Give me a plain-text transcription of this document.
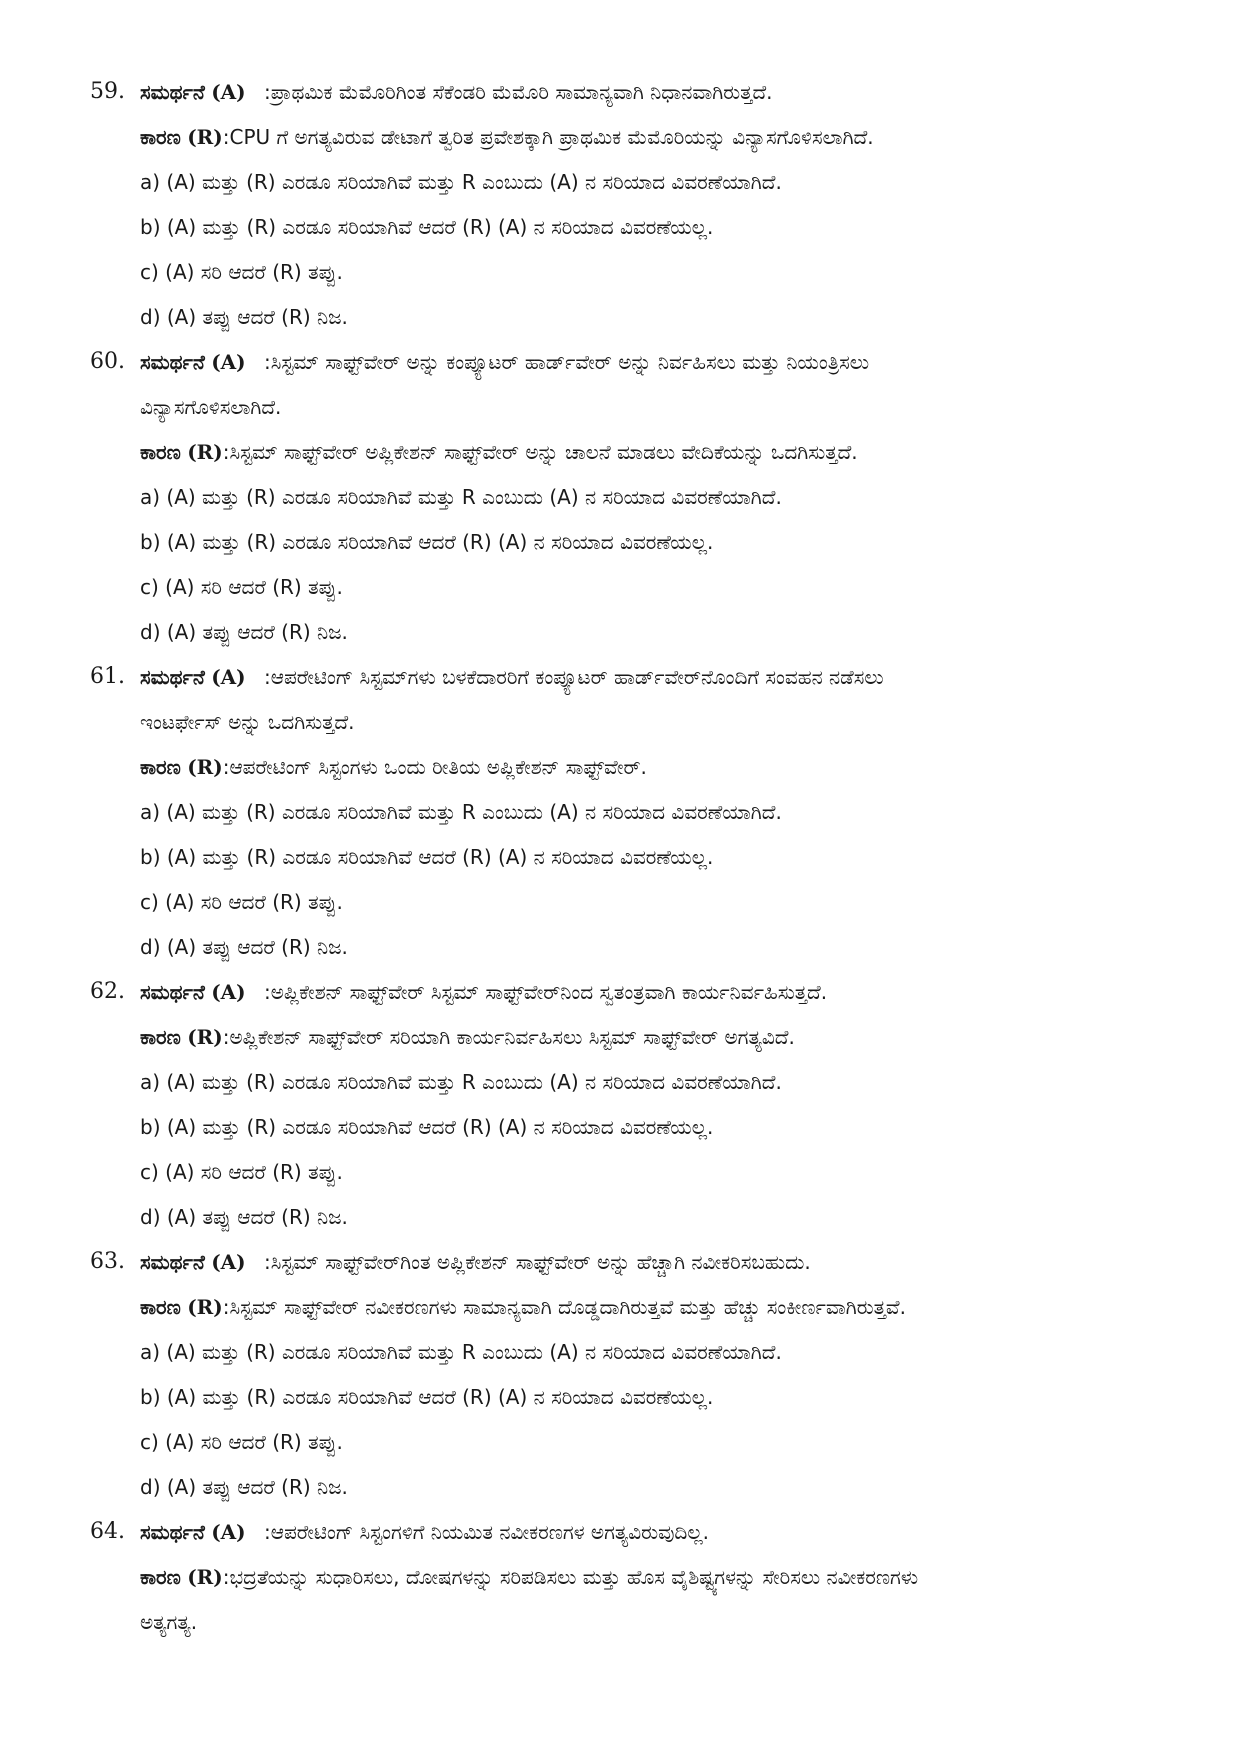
59. ಸಮರ್ಥನೆ (A) :ಪ್ರಾಥಮಿಕ ಮೆಮೊರಿಗಿಂತ ಸೆಕೆಂಡರಿ ಮೆಮೊರಿ ಸಾಮಾನ್ಯವಾಗಿ ನಿಧಾನವಾಗಿರುತ್ತದೆ.
ಕಾರಣ (R):CPU ಗೆ ಅಗತ್ಯವಿರುವ ಡೇಟಾಗೆ ತ್ವರಿತ ಪ್ರವೇಶಕ್ಕಾಗಿ ಪ್ರಾಥಮಿಕ ಮೆಮೊರಿಯನ್ನು ವಿನ್ಯಾಸಗೊಳಿಸಲಾಗಿದೆ.
a) (A) ಮತ್ತು (R) ಎರಡೂ ಸರಿಯಾಗಿವೆ ಮತ್ತು R ಎಂಬುದು (A) ನ ಸರಿಯಾದ ವಿವರಣೆಯಾಗಿದೆ.
b) (A) ಮತ್ತು (R) ಎರಡೂ ಸರಿಯಾಗಿವೆ ಆದರೆ (R) (A) ನ ಸರಿಯಾದ ವಿವರಣೆಯಲ್ಲ.
c) (A) ಸರಿ ಆದರೆ (R) ತಪ್ಪು.
d) (A) ತಪ್ಪು ಆದರೆ (R) ನಿಜ.
60. ಸಮರ್ಥನೆ (A) :ಸಿಸ್ಟಮ್ ಸಾಫ್ಟ್‌ವೇರ್ ಅನ್ನು ಕಂಪ್ಯೂಟರ್ ಹಾರ್ಡ್‌ವೇರ್ ಅನ್ನು ನಿರ್ವಹಿಸಲು ಮತ್ತು ನಿಯಂತ್ರಿಸಲು
ವಿನ್ಯಾಸಗೊಳಿಸಲಾಗಿದೆ.
ಕಾರಣ (R):ಸಿಸ್ಟಮ್ ಸಾಫ್ಟ್‌ವೇರ್ ಅಪ್ಲಿಕೇಶನ್ ಸಾಫ್ಟ್‌ವೇರ್ ಅನ್ನು ಚಾಲನೆ ಮಾಡಲು ವೇದಿಕೆಯನ್ನು ಒದಗಿಸುತ್ತದೆ.
a) (A) ಮತ್ತು (R) ಎರಡೂ ಸರಿಯಾಗಿವೆ ಮತ್ತು R ಎಂಬುದು (A) ನ ಸರಿಯಾದ ವಿವರಣೆಯಾಗಿದೆ.
b) (A) ಮತ್ತು (R) ಎರಡೂ ಸರಿಯಾಗಿವೆ ಆದರೆ (R) (A) ನ ಸರಿಯಾದ ವಿವರಣೆಯಲ್ಲ.
c) (A) ಸರಿ ಆದರೆ (R) ತಪ್ಪು.
d) (A) ತಪ್ಪು ಆದರೆ (R) ನಿಜ.
61. ಸಮರ್ಥನೆ (A) :ಆಪರೇಟಿಂಗ್ ಸಿಸ್ಟಮ್‌ಗಳು ಬಳಕೆದಾರರಿಗೆ ಕಂಪ್ಯೂಟರ್ ಹಾರ್ಡ್‌ವೇರ್‌ನೊಂದಿಗೆ ಸಂವಹನ ನಡೆಸಲು
ಇಂಟರ್ಫೇಸ್ ಅನ್ನು ಒದಗಿಸುತ್ತದೆ.
ಕಾರಣ (R):ಆಪರೇಟಿಂಗ್ ಸಿಸ್ಟಂಗಳು ಒಂದು ರೀತಿಯ ಅಪ್ಲಿಕೇಶನ್ ಸಾಫ್ಟ್‌ವೇರ್.
a) (A) ಮತ್ತು (R) ಎರಡೂ ಸರಿಯಾಗಿವೆ ಮತ್ತು R ಎಂಬುದು (A) ನ ಸರಿಯಾದ ವಿವರಣೆಯಾಗಿದೆ.
b) (A) ಮತ್ತು (R) ಎರಡೂ ಸರಿಯಾಗಿವೆ ಆದರೆ (R) (A) ನ ಸರಿಯಾದ ವಿವರಣೆಯಲ್ಲ.
c) (A) ಸರಿ ಆದರೆ (R) ತಪ್ಪು.
d) (A) ತಪ್ಪು ಆದರೆ (R) ನಿಜ.
62. ಸಮರ್ಥನೆ (A) :ಅಪ್ಲಿಕೇಶನ್ ಸಾಫ್ಟ್‌ವೇರ್ ಸಿಸ್ಟಮ್ ಸಾಫ್ಟ್‌ವೇರ್‌ನಿಂದ ಸ್ವತಂತ್ರವಾಗಿ ಕಾರ್ಯನಿರ್ವಹಿಸುತ್ತದೆ.
ಕಾರಣ (R):ಅಪ್ಲಿಕೇಶನ್ ಸಾಫ್ಟ್‌ವೇರ್ ಸರಿಯಾಗಿ ಕಾರ್ಯನಿರ್ವಹಿಸಲು ಸಿಸ್ಟಮ್ ಸಾಫ್ಟ್‌ವೇರ್ ಅಗತ್ಯವಿದೆ.
a) (A) ಮತ್ತು (R) ಎರಡೂ ಸರಿಯಾಗಿವೆ ಮತ್ತು R ಎಂಬುದು (A) ನ ಸರಿಯಾದ ವಿವರಣೆಯಾಗಿದೆ.
b) (A) ಮತ್ತು (R) ಎರಡೂ ಸರಿಯಾಗಿವೆ ಆದರೆ (R) (A) ನ ಸರಿಯಾದ ವಿವರಣೆಯಲ್ಲ.
c) (A) ಸರಿ ಆದರೆ (R) ತಪ್ಪು.
d) (A) ತಪ್ಪು ಆದರೆ (R) ನಿಜ.
63. ಸಮರ್ಥನೆ (A) :ಸಿಸ್ಟಮ್ ಸಾಫ್ಟ್‌ವೇರ್‌ಗಿಂತ ಅಪ್ಲಿಕೇಶನ್ ಸಾಫ್ಟ್‌ವೇರ್ ಅನ್ನು ಹೆಚ್ಚಾಗಿ ನವೀಕರಿಸಬಹುದು.
ಕಾರಣ (R):ಸಿಸ್ಟಮ್ ಸಾಫ್ಟ್‌ವೇರ್ ನವೀಕರಣಗಳು ಸಾಮಾನ್ಯವಾಗಿ ದೊಡ್ಡದಾಗಿರುತ್ತವೆ ಮತ್ತು ಹೆಚ್ಚು ಸಂಕೀರ್ಣವಾಗಿರುತ್ತವೆ.
a) (A) ಮತ್ತು (R) ಎರಡೂ ಸರಿಯಾಗಿವೆ ಮತ್ತು R ಎಂಬುದು (A) ನ ಸರಿಯಾದ ವಿವರಣೆಯಾಗಿದೆ.
b) (A) ಮತ್ತು (R) ಎರಡೂ ಸರಿಯಾಗಿವೆ ಆದರೆ (R) (A) ನ ಸರಿಯಾದ ವಿವರಣೆಯಲ್ಲ.
c) (A) ಸರಿ ಆದರೆ (R) ತಪ್ಪು.
d) (A) ತಪ್ಪು ಆದರೆ (R) ನಿಜ.
64. ಸಮರ್ಥನೆ (A) :ಆಪರೇಟಿಂಗ್ ಸಿಸ್ಟಂಗಳಿಗೆ ನಿಯಮಿತ ನವೀಕರಣಗಳ ಅಗತ್ಯವಿರುವುದಿಲ್ಲ.
ಕಾರಣ (R):ಭದ್ರತೆಯನ್ನು ಸುಧಾರಿಸಲು, ದೋಷಗಳನ್ನು ಸರಿಪಡಿಸಲು ಮತ್ತು ಹೊಸ ವೈಶಿಷ್ಟ್ಯಗಳನ್ನು ಸೇರಿಸಲು ನವೀಕರಣಗಳು
ಅತ್ಯಗತ್ಯ.
